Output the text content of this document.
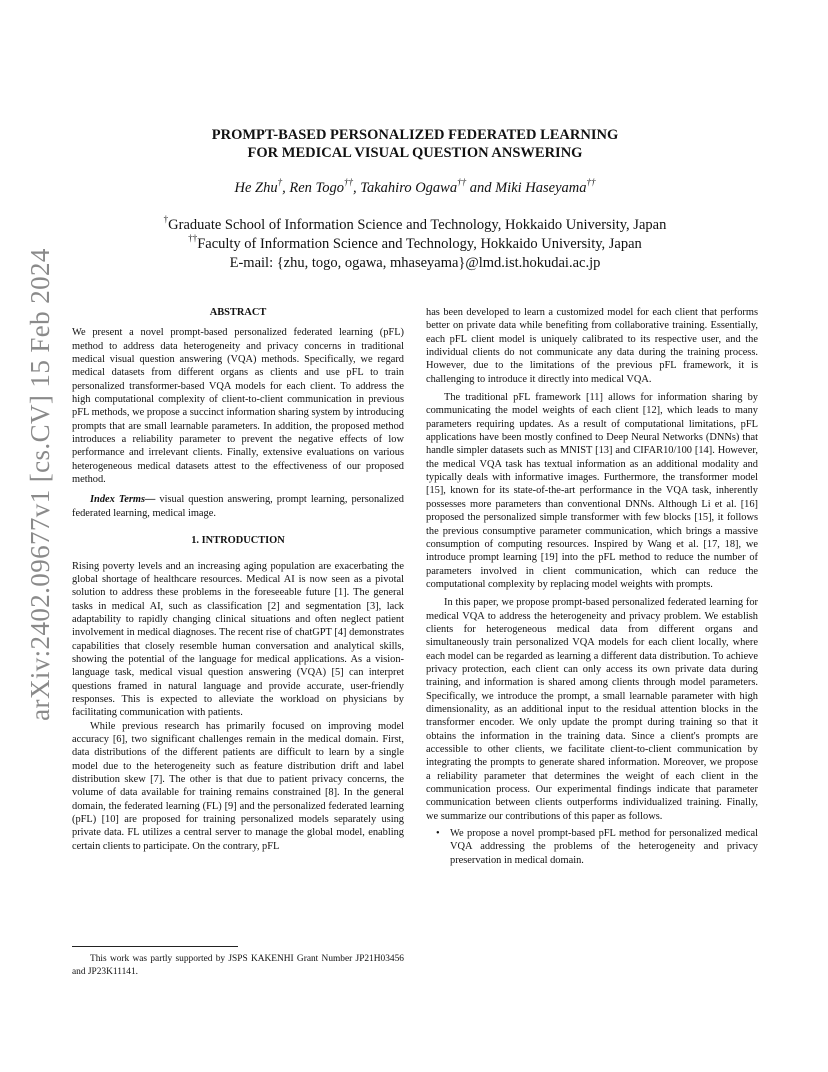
arXiv:2402.09677v1 [cs.CV] 15 Feb 2024
PROMPT-BASED PERSONALIZED FEDERATED LEARNING
FOR MEDICAL VISUAL QUESTION ANSWERING
He Zhu†, Ren Togo††, Takahiro Ogawa†† and Miki Haseyama††
†Graduate School of Information Science and Technology, Hokkaido University, Japan
††Faculty of Information Science and Technology, Hokkaido University, Japan
E-mail: {zhu, togo, ogawa, mhaseyama}@lmd.ist.hokudai.ac.jp
ABSTRACT

We present a novel prompt-based personalized federated learning (pFL) method to address data heterogeneity and privacy concerns in traditional medical visual question answering (VQA) methods. Specifically, we regard medical datasets from different organs as clients and use pFL to train personalized transformer-based VQA models for each client. To address the high computational complexity of client-to-client communication in previous pFL methods, we propose a succinct information sharing system by introducing prompts that are small learnable parameters. In addition, the proposed method introduces a reliability parameter to prevent the negative effects of low performance and irrelevant clients. Finally, extensive evaluations on various heterogeneous medical datasets attest to the effectiveness of our proposed method.

Index Terms— visual question answering, prompt learning, personalized federated learning, medical image.

1. INTRODUCTION

Rising poverty levels and an increasing aging population are exacerbating the global shortage of healthcare resources. Medical AI is now seen as a pivotal solution to address these problems in the foreseeable future [1]. The general tasks in medical AI, such as classification [2] and segmentation [3], lack adaptability to rapidly changing clinical situations and often neglect patient involvement in medical diagnoses. The recent rise of chatGPT [4] demonstrates capabilities that closely resemble human conversation and analytical skills, showing the potential of the language for medical applications. As a vision-language task, medical visual question answering (VQA) [5] can interpret questions framed in natural language and provide accurate, user-friendly responses. This is expected to alleviate the workload on physicians by facilitating communication with patients.

While previous research has primarily focused on improving model accuracy [6], two significant challenges remain in the medical domain. First, data distributions of the different patients are difficult to learn by a single model due to the heterogeneity such as feature distribution drift and label distribution skew [7]. The other is that due to patient privacy concerns, the volume of data available for training remains constrained [8]. In the general domain, the federated learning (FL) [9] and the personalized federated learning (pFL) [10] are proposed for training personalized models separately using private data. FL utilizes a central server to manage the global model, enabling certain clients to participate. On the contrary, pFL

This work was partly supported by JSPS KAKENHI Grant Number JP21H03456 and JP23K11141.

has been developed to learn a customized model for each client that performs better on private data while benefiting from collaborative training. Essentially, each pFL client model is uniquely calibrated to its respective user, and the individual clients do not communicate any data during the training process. However, due to the limitations of the previous pFL framework, it is challenging to introduce it directly into medical VQA.

The traditional pFL framework [11] allows for information sharing by communicating the model weights of each client [12], which leads to many parameters requiring updates. As a result of computational limitations, pFL applications have been mostly confined to Deep Neural Networks (DNNs) that handle simpler datasets such as MNIST [13] and CIFAR10/100 [14]. However, the medical VQA task has textual information as an additional modality and typically deals with informative images. Furthermore, the transformer model [15], known for its state-of-the-art performance in the VQA task, inherently possesses more parameters than conventional DNNs. Although Li et al. [16] proposed the personalized simple transformer with few blocks [15], it follows the previous consumptive parameter communication, which brings a massive consumption of computing resources. Inspired by Wang et al. [17, 18], we introduce prompt learning [19] into the pFL method to reduce the number of parameters involved in client communication, which can reduce the computational complexity by replacing model weights with prompts.

In this paper, we propose prompt-based personalized federated learning for medical VQA to address the heterogeneity and privacy problem. We establish clients for heterogeneous medical data from different organs and simultaneously train personalized VQA models for each client locally, where each model can be regarded as learning a different data distribution. To achieve privacy protection, each client can only access its own private data during training, and information is shared among clients through model parameters. Specifically, we introduce the prompt, a small learnable parameter with high dimensionality, as an additional input to the residual attention blocks in the transformer encoder. We only update the prompt during training so that it obtains the information in the training data. Since a client's prompts are accessible to other clients, we facilitate client-to-client communication by integrating the prompts to generate shared information. Moreover, we propose a reliability parameter that determines the weight of each client in the communication process. Our experimental findings indicate that parameter communication between clients outperforms individualized training. Finally, we summarize our contributions of this paper as follows.

• We propose a novel prompt-based pFL method for personalized medical VQA addressing the problems of the heterogeneity and privacy preservation in medical domain.
